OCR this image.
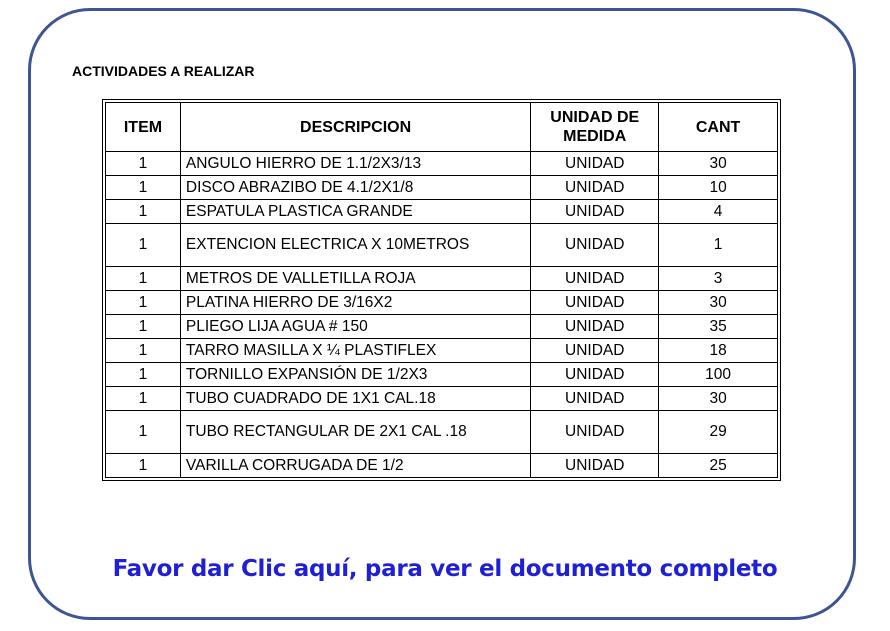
ACTIVIDADES A REALIZAR
ITEM	DESCRIPCION	UNIDAD DE MEDIDA	CANT
1	ANGULO HIERRO DE 1.1/2X3/13	UNIDAD	30
1	DISCO ABRAZIBO DE 4.1/2X1/8	UNIDAD	10
1	ESPATULA PLASTICA GRANDE	UNIDAD	4
1	EXTENCION ELECTRICA X 10METROS	UNIDAD	1
1	METROS DE VALLETILLA ROJA	UNIDAD	3
1	PLATINA HIERRO DE 3/16X2	UNIDAD	30
1	PLIEGO LIJA AGUA # 150	UNIDAD	35
1	TARRO MASILLA X ¼ PLASTIFLEX	UNIDAD	18
1	TORNILLO EXPANSIÓN DE 1/2X3	UNIDAD	100
1	TUBO CUADRADO DE 1X1 CAL.18	UNIDAD	30
1	TUBO RECTANGULAR DE 2X1 CAL .18	UNIDAD	29
1	VARILLA CORRUGADA DE 1/2	UNIDAD	25
Favor dar Clic aquí, para ver el documento completo
